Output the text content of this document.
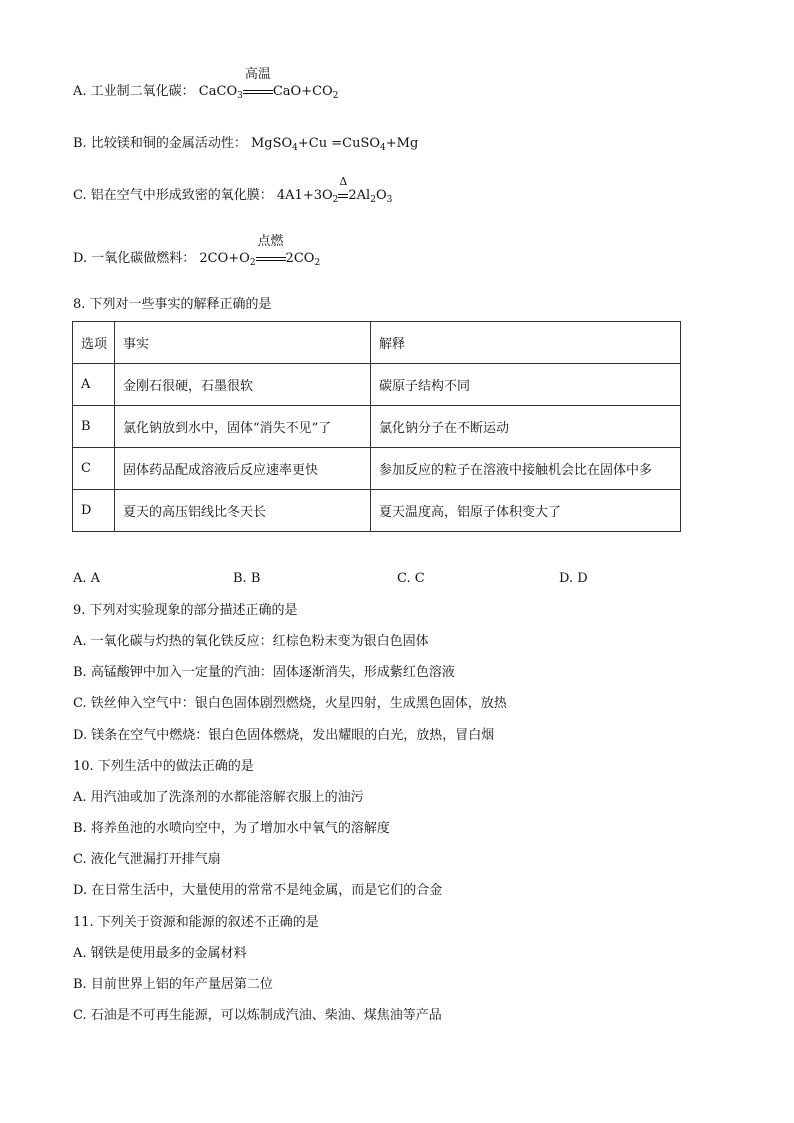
A. 工业制二氧化碳： CaCO$_3$
高温
$CaO+CO_2$
B. 比较镁和铜的金属活动性： MgSO$_4$+Cu =CuSO$_4$+Mg
C. 铝在空气中形成致密的氧化膜： $4A1+3O_2$
Δ
$2Al_2O_3$
D. 一氧化碳做燃料： $2CO+O_2$
点燃
$2CO_2$
8. 下列对一些事实的解释正确的是
选项	事实	解释
A	金刚石很硬，石墨很软	碳原子结构不同
B	氯化钠放到水中，固体“消失不见”了	氯化钠分子在不断运动
C	固体药品配成溶液后反应速率更快	参加反应的粒子在溶液中接触机会比在固体中多
D	夏天的高压铝线比冬天长	夏天温度高，铝原子体积变大了
A. A	B. B	C. C	D. D
9. 下列对实验现象的部分描述正确的是
A. 一氧化碳与灼热的氧化铁反应：红棕色粉末变为银白色固体
B. 高锰酸钾中加入一定量的汽油：固体逐渐消失，形成紫红色溶液
C. 铁丝伸入空气中：银白色固体剧烈燃烧，火星四射，生成黑色固体，放热
D. 镁条在空气中燃烧：银白色固体燃烧，发出耀眼的白光，放热，冒白烟
10. 下列生活中的做法正确的是
A. 用汽油或加了洗涤剂的水都能溶解衣服上的油污
B. 将养鱼池的水喷向空中，为了增加水中氧气的溶解度
C. 液化气泄漏打开排气扇
D. 在日常生活中，大量使用的常常不是纯金属，而是它们的合金
11. 下列关于资源和能源的叙述不正确的是
A. 钢铁是使用最多的金属材料
B. 目前世界上铝的年产量居第二位
C. 石油是不可再生能源，可以炼制成汽油、柴油、煤焦油等产品
